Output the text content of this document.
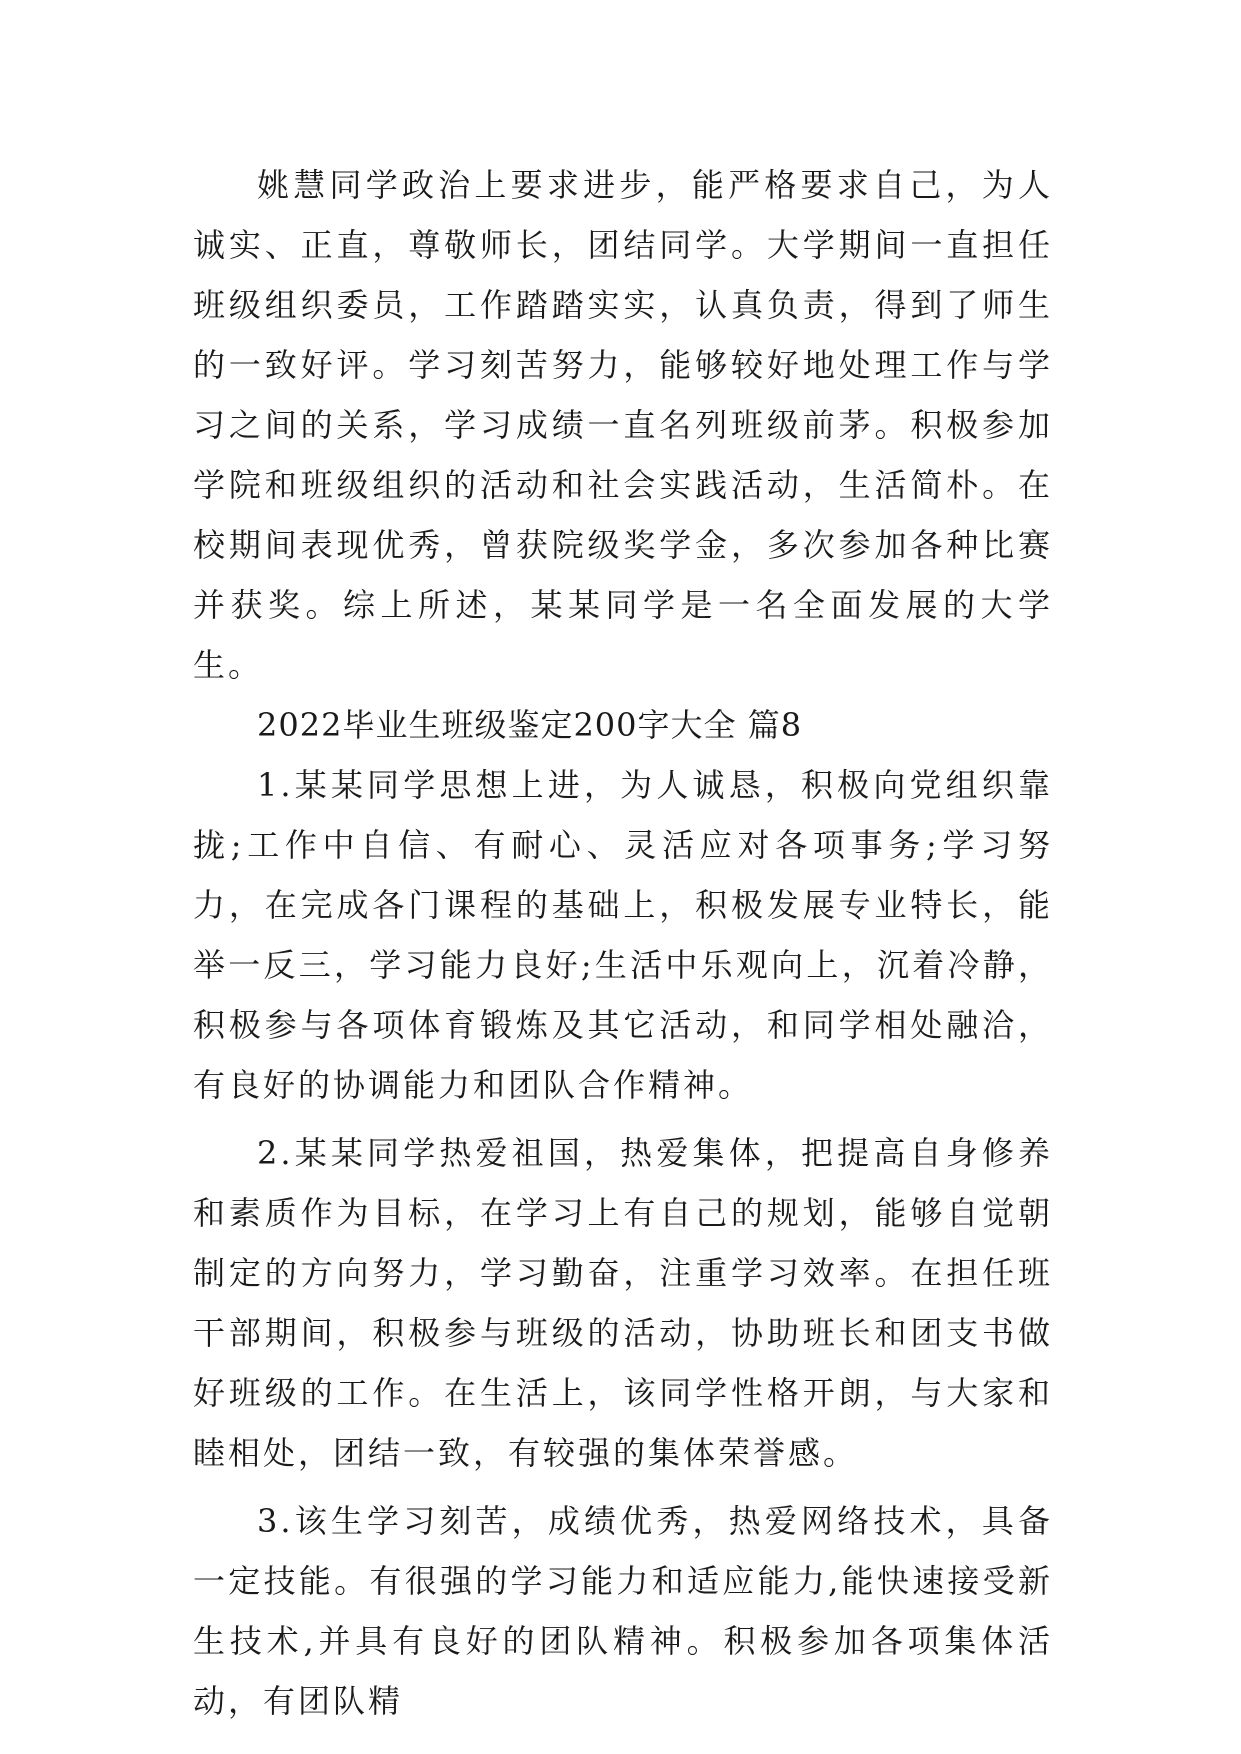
姚慧同学政治上要求进步，能严格要求自己，为人诚实、正直，尊敬师长，团结同学。大学期间一直担任班级组织委员，工作踏踏实实，认真负责，得到了师生的一致好评。学习刻苦努力，能够较好地处理工作与学习之间的关系，学习成绩一直名列班级前茅。积极参加学院和班级组织的活动和社会实践活动，生活简朴。在校期间表现优秀，曾获院级奖学金，多次参加各种比赛并获奖。综上所述，某某同学是一名全面发展的大学生。

2022毕业生班级鉴定200字大全 篇8

1.某某同学思想上进，为人诚恳，积极向党组织靠拢;工作中自信、有耐心、灵活应对各项事务;学习努力，在完成各门课程的基础上，积极发展专业特长，能举一反三，学习能力良好;生活中乐观向上，沉着冷静，积极参与各项体育锻炼及其它活动，和同学相处融洽，有良好的协调能力和团队合作精神。

2.某某同学热爱祖国，热爱集体，把提高自身修养和素质作为目标，在学习上有自己的规划，能够自觉朝制定的方向努力，学习勤奋，注重学习效率。在担任班干部期间，积极参与班级的活动，协助班长和团支书做好班级的工作。在生活上，该同学性格开朗，与大家和睦相处，团结一致，有较强的集体荣誉感。

3.该生学习刻苦，成绩优秀，热爱网络技术，具备一定技能。有很强的学习能力和适应能力,能快速接受新生技术,并具有良好的团队精神。积极参加各项集体活动，有团队精
